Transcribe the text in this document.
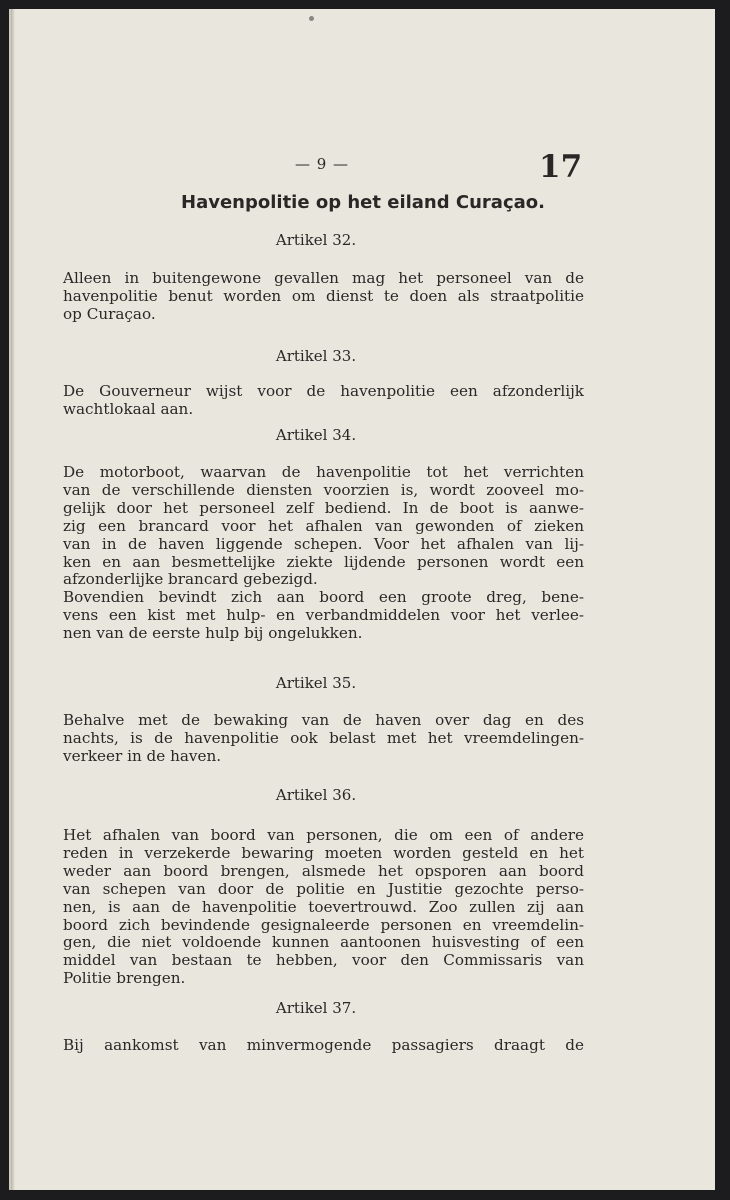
— 9 —	17
Havenpolitie op het eiland Curaçao.
Artikel 32.

Alleen in buitengewone gevallen mag het personeel van de
havenpolitie benut worden om dienst te doen als straatpolitie
op Curaçao.

Artikel 33.

De Gouverneur wijst voor de havenpolitie een afzonderlijk
wachtlokaal aan.

Artikel 34.

De motorboot, waarvan de havenpolitie tot het verrichten
van de verschillende diensten voorzien is, wordt zooveel mo-
gelijk door het personeel zelf bediend. In de boot is aanwe-
zig een brancard voor het afhalen van gewonden of zieken
van in de haven liggende schepen. Voor het afhalen van lij-
ken en aan besmettelijke ziekte lijdende personen wordt een
afzonderlijke brancard gebezigd.
Bovendien bevindt zich aan boord een groote dreg, bene-
vens een kist met hulp- en verbandmiddelen voor het verlee-
nen van de eerste hulp bij ongelukken.

Artikel 35.

Behalve met de bewaking van de haven over dag en des
nachts, is de havenpolitie ook belast met het vreemdelingen-
verkeer in de haven.

Artikel 36.

Het afhalen van boord van personen, die om een of andere
reden in verzekerde bewaring moeten worden gesteld en het
weder aan boord brengen, alsmede het opsporen aan boord
van schepen van door de politie en Justitie gezochte perso-
nen, is aan de havenpolitie toevertrouwd. Zoo zullen zij aan
boord zich bevindende gesignaleerde personen en vreemdelin-
gen, die niet voldoende kunnen aantoonen huisvesting of een
middel van bestaan te hebben, voor den Commissaris van
Politie brengen.

Artikel 37.

Bij aankomst van minvermogende passagiers draagt de
